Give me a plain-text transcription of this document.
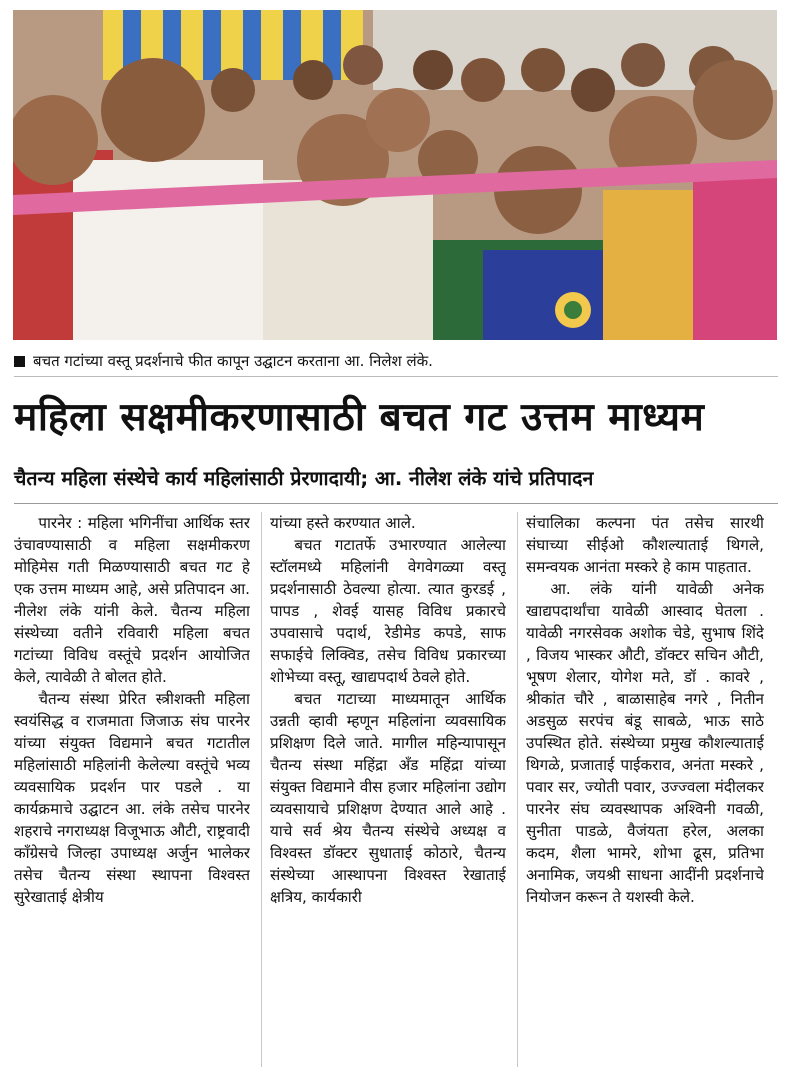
बचत गटांच्या वस्तू प्रदर्शनाचे फीत कापून उद्घाटन करताना आ. निलेश लंके.
महिला सक्षमीकरणासाठी बचत गट उत्तम माध्यम
चैतन्य महिला संस्थेचे कार्य महिलांसाठी प्रेरणादायी; आ. नीलेश लंके यांचे प्रतिपादन

पारनेर : महिला भगिनींचा आर्थिक स्तर उंचावण्यासाठी व महिला सक्षमीकरण मोहिमेस गती मिळण्यासाठी बचत गट हे एक उत्तम माध्यम आहे, असे प्रतिपादन आ. नीलेश लंके यांनी केले. चैतन्य महिला संस्थेच्या वतीने रविवारी महिला बचत गटांच्या विविध वस्तूंचे प्रदर्शन आयोजित केले, त्यावेळी ते बोलत होते.

चैतन्य संस्था प्रेरित स्त्रीशक्ती महिला स्वयंसिद्ध व राजमाता जिजाऊ संघ पारनेर यांच्या संयुक्त विद्यमाने बचत गटातील महिलांसाठी महिलांनी केलेल्या वस्तूंचे भव्य व्यवसायिक प्रदर्शन पार पडले . या कार्यक्रमाचे उद्घाटन आ. लंके तसेच पारनेर शहराचे नगराध्यक्ष विजूभाऊ औटी, राष्ट्रवादी काँग्रेसचे जिल्हा उपाध्यक्ष अर्जुन भालेकर तसेच चैतन्य संस्था स्थापना विश्वस्त सुरेखाताई क्षेत्रीय

यांच्या हस्ते करण्यात आले.

बचत गटातर्फे उभारण्यात आलेल्या स्टॉलमध्ये महिलांनी वेगवेगळ्या वस्तू प्रदर्शनासाठी ठेवल्या होत्या. त्यात कुरडई , पापड , शेवई यासह विविध प्रकारचे उपवासाचे पदार्थ, रेडीमेड कपडे, साफ सफाईचे लिक्विड, तसेच विविध प्रकारच्या शोभेच्या वस्तू, खाद्यपदार्थ ठेवले होते.

बचत गटाच्या माध्यमातून आर्थिक उन्नती व्हावी म्हणून महिलांना व्यवसायिक प्रशिक्षण दिले जाते. मागील महिन्यापासून चैतन्य संस्था महिंद्रा अँड महिंद्रा यांच्या संयुक्त विद्यमाने वीस हजार महिलांना उद्योग व्यवसायाचे प्रशिक्षण देण्यात आले आहे . याचे सर्व श्रेय चैतन्य संस्थेचे अध्यक्ष व विश्वस्त डॉक्टर सुधाताई कोठारे, चैतन्य संस्थेच्या आस्थापना विश्वस्त रेखाताई क्षत्रिय, कार्यकारी

संचालिका कल्पना पंत तसेच सारथी संघाच्या सीईओ कौशल्याताई थिगले, समन्वयक आनंता मस्करे हे काम पाहतात.

आ. लंके यांनी यावेळी अनेक खाद्यपदार्थांचा यावेळी आस्वाद घेतला . यावेळी नगरसेवक अशोक चेडे, सुभाष शिंदे , विजय भास्कर औटी, डॉक्टर सचिन औटी, भूषण शेलार, योगेश मते, डॉ . कावरे , श्रीकांत चौरे , बाळासाहेब नगरे , नितीन अडसुळ सरपंच बंडू साबळे, भाऊ साठे उपस्थित होते. संस्थेच्या प्रमुख कौशल्याताई थिगळे, प्रजाताई पाईकराव, अनंता मस्करे , पवार सर, ज्योती पवार, उज्ज्वला मंदीलकर पारनेर संघ व्यवस्थापक अश्विनी गवळी, सुनीता पाडळे, वैजंयता हरेल, अलका कदम, शैला भामरे, शोभा ढूस, प्रतिभा अनामिक, जयश्री साधना आदींनी प्रदर्शनाचे नियोजन करून ते यशस्वी केले.
